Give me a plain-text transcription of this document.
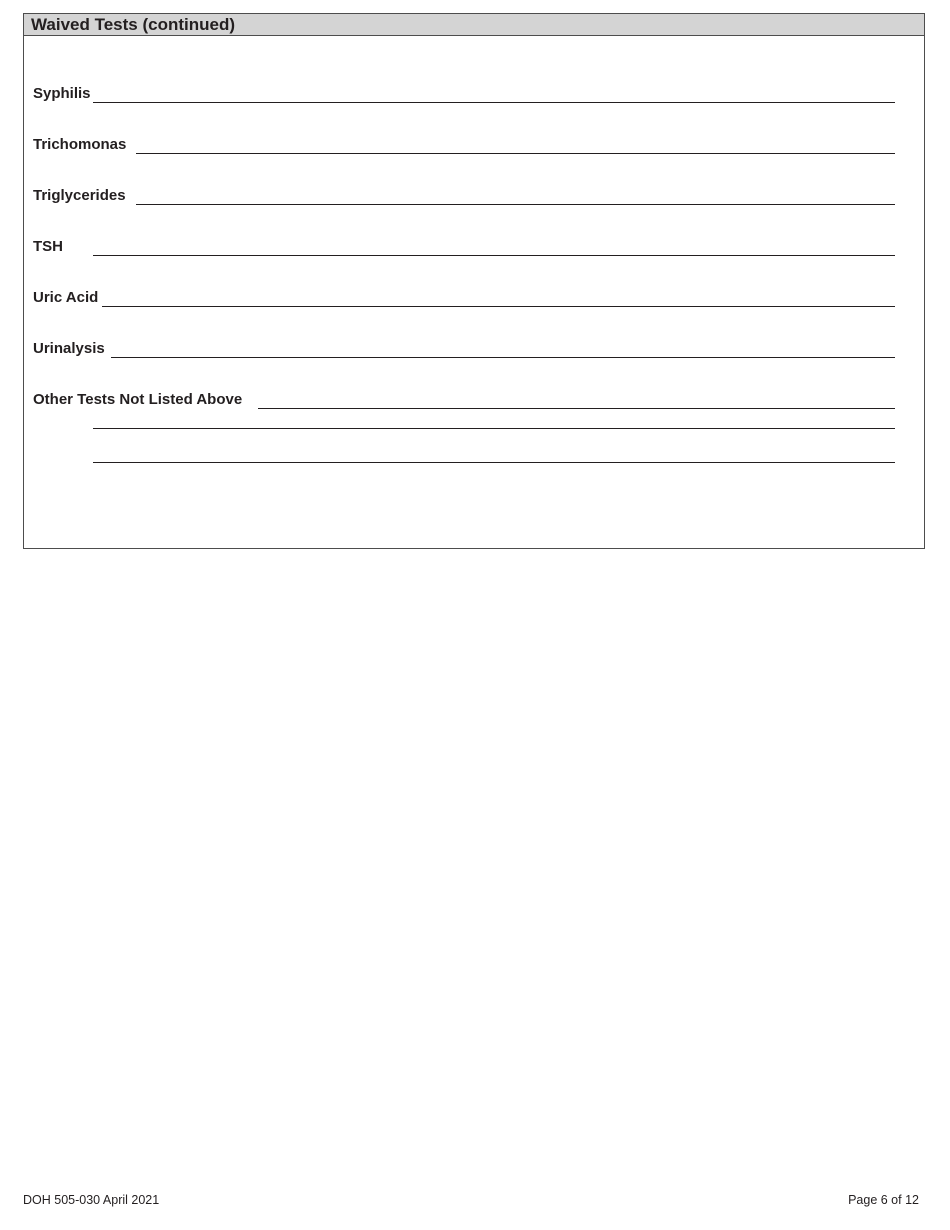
Waived Tests (continued)
Syphilis
Trichomonas
Triglycerides
TSH
Uric Acid
Urinalysis
Other Tests Not Listed Above
DOH 505-030 April 2021	Page 6 of 12
